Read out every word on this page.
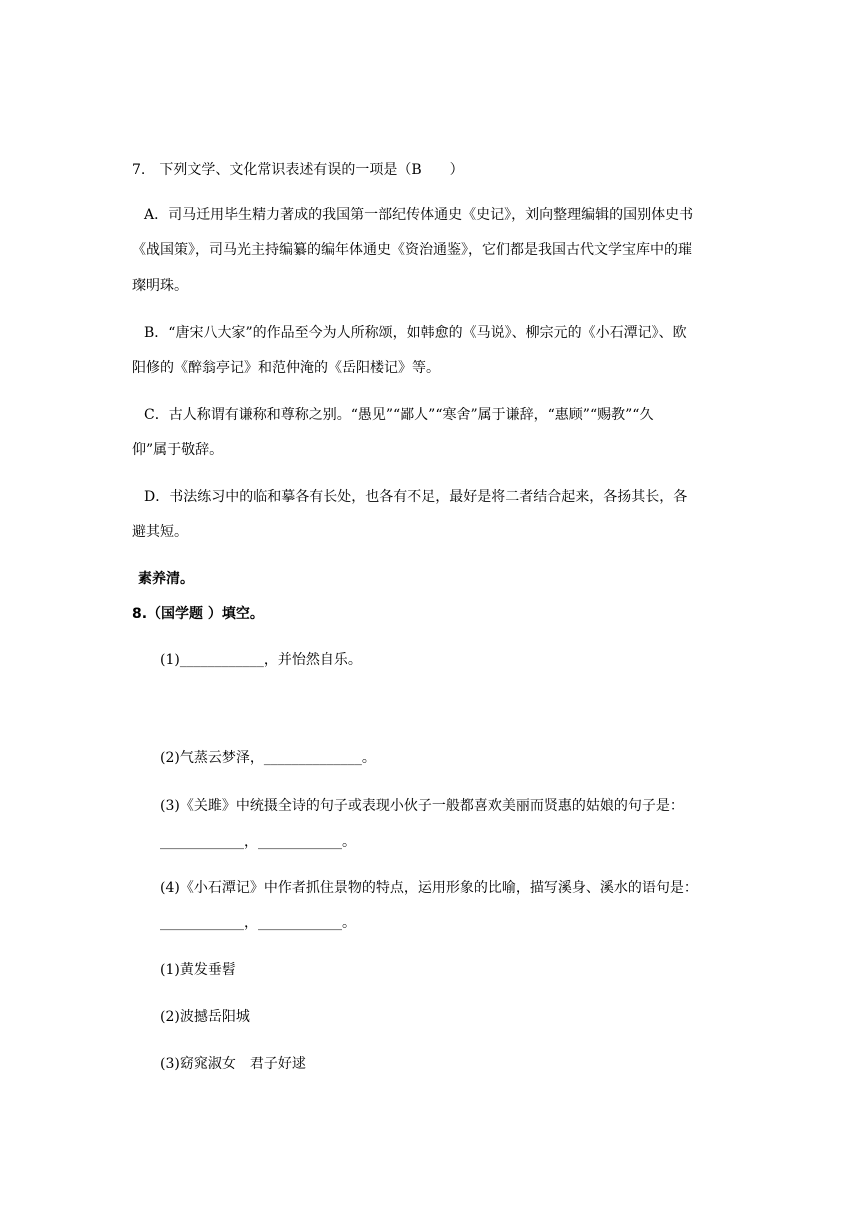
7.　下列文学、文化常识表述有误的一项是（B　　）
A．司马迁用毕生精力著成的我国第一部纪传体通史《史记》，刘向整理编辑的国别体史书
《战国策》，司马光主持编纂的编年体通史《资治通鉴》，它们都是我国古代文学宝库中的璀
璨明珠。
B．“唐宋八大家”的作品至今为人所称颂，如韩愈的《马说》、柳宗元的《小石潭记》、欧
阳修的《醉翁亭记》和范仲淹的《岳阳楼记》等。
C．古人称谓有谦称和尊称之别。“愚见”“鄙人”“寒舍”属于谦辞，“惠顾”“赐教”“久
仰”属于敬辞。
D．书法练习中的临和摹各有长处，也各有不足，最好是将二者结合起来，各扬其长，各
避其短。
素养清。
8.（国学题 ）填空。
(1)____________，并怡然自乐。
(2)气蒸云梦泽，______________。
(3)《关雎》中统摄全诗的句子或表现小伙子一般都喜欢美丽而贤惠的姑娘的句子是：
____________，____________。
(4)《小石潭记》中作者抓住景物的特点，运用形象的比喻，描写溪身、溪水的语句是：
____________，____________。
(1)黄发垂髫
(2)波撼岳阳城
(3)窈窕淑女　君子好逑
